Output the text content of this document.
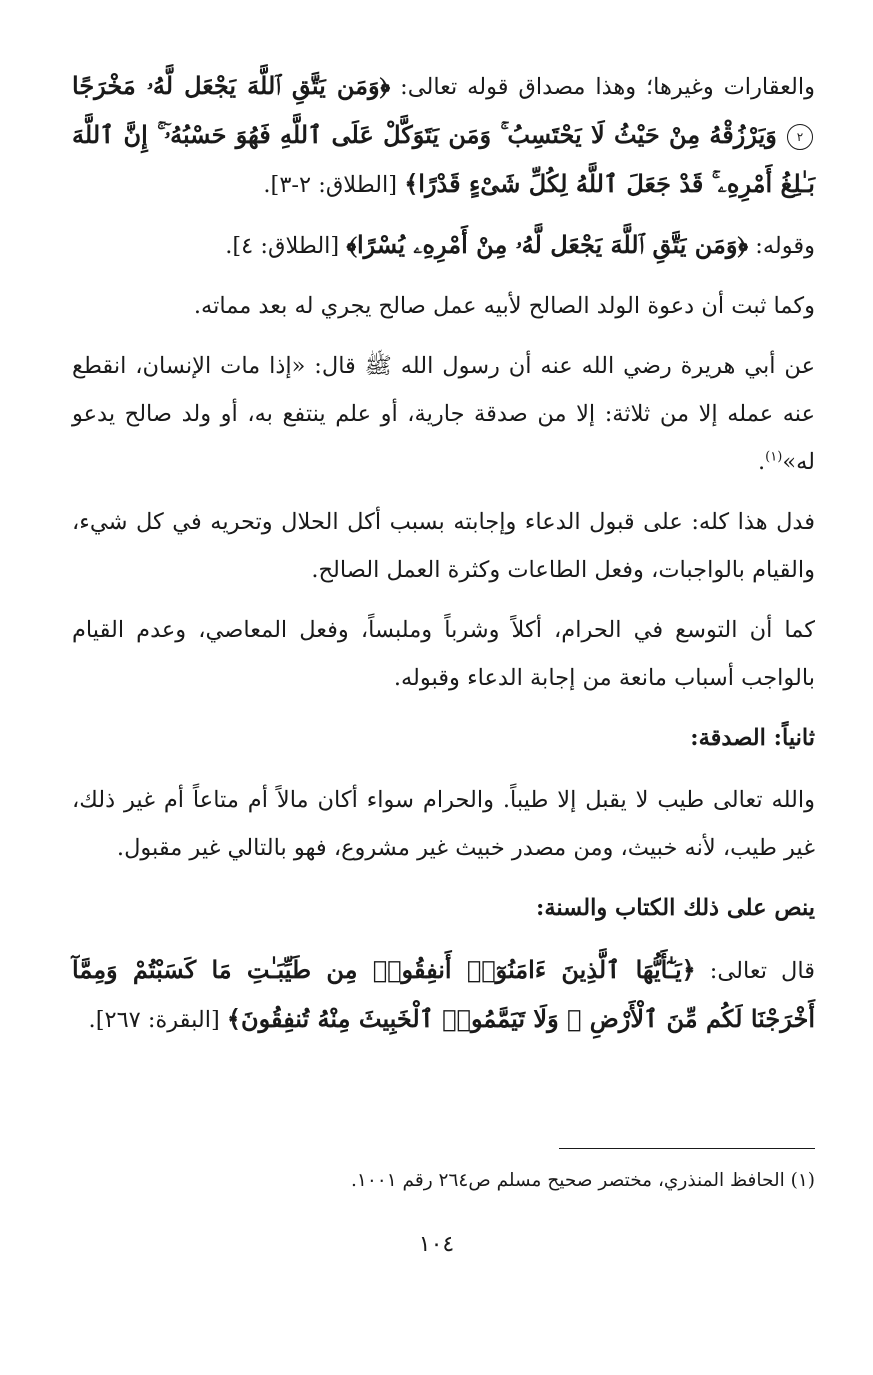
والعقارات وغيرها؛ وهذا مصداق قوله تعالى: ﴿وَمَن يَتَّقِ ٱللَّهَ يَجْعَل لَّهُۥ مَخْرَجًا ٢ وَيَرْزُقْهُ مِنْ حَيْثُ لَا يَحْتَسِبُ ۚ وَمَن يَتَوَكَّلْ عَلَى ٱللَّهِ فَهُوَ حَسْبُهُۥٓ ۚ إِنَّ ٱللَّهَ بَـٰلِغُ أَمْرِهِۦ ۚ قَدْ جَعَلَ ٱللَّهُ لِكُلِّ شَىْءٍ قَدْرًا﴾ [الطلاق: ٢-٣].

وقوله: ﴿وَمَن يَتَّقِ ٱللَّهَ يَجْعَل لَّهُۥ مِنْ أَمْرِهِۦ يُسْرًا﴾ [الطلاق: ٤].

وكما ثبت أن دعوة الولد الصالح لأبيه عمل صالح يجري له بعد مماته.

عن أبي هريرة رضي الله عنه أن رسول الله ﷺ قال: «إذا مات الإنسان، انقطع عنه عمله إلا من ثلاثة: إلا من صدقة جارية، أو علم ينتفع به، أو ولد صالح يدعو له»$^{(١)}$.

فدل هذا كله: على قبول الدعاء وإجابته بسبب أكل الحلال وتحريه في كل شيء، والقيام بالواجبات، وفعل الطاعات وكثرة العمل الصالح.

كما أن التوسع في الحرام، أكلاً وشرباً وملبساً، وفعل المعاصي، وعدم القيام بالواجب أسباب مانعة من إجابة الدعاء وقبوله.

ثانياً: الصدقة:

والله تعالى طيب لا يقبل إلا طيباً. والحرام سواء أكان مالاً أم متاعاً أم غير ذلك، غير طيب، لأنه خبيث، ومن مصدر خبيث غير مشروع، فهو بالتالي غير مقبول.

ينص على ذلك الكتاب والسنة:

قال تعالى: ﴿يَـٰٓأَيُّهَا ٱلَّذِينَ ءَامَنُوٓا۟ أَنفِقُوا۟ مِن طَيِّبَـٰتِ مَا كَسَبْتُمْ وَمِمَّآ أَخْرَجْنَا لَكُم مِّنَ ٱلْأَرْضِ ۖ وَلَا تَيَمَّمُوا۟ ٱلْخَبِيثَ مِنْهُ تُنفِقُونَ﴾ [البقرة: ٢٦٧].

(١) الحافظ المنذري، مختصر صحيح مسلم ص٢٦٤ رقم ١٠٠١.
١٠٤
